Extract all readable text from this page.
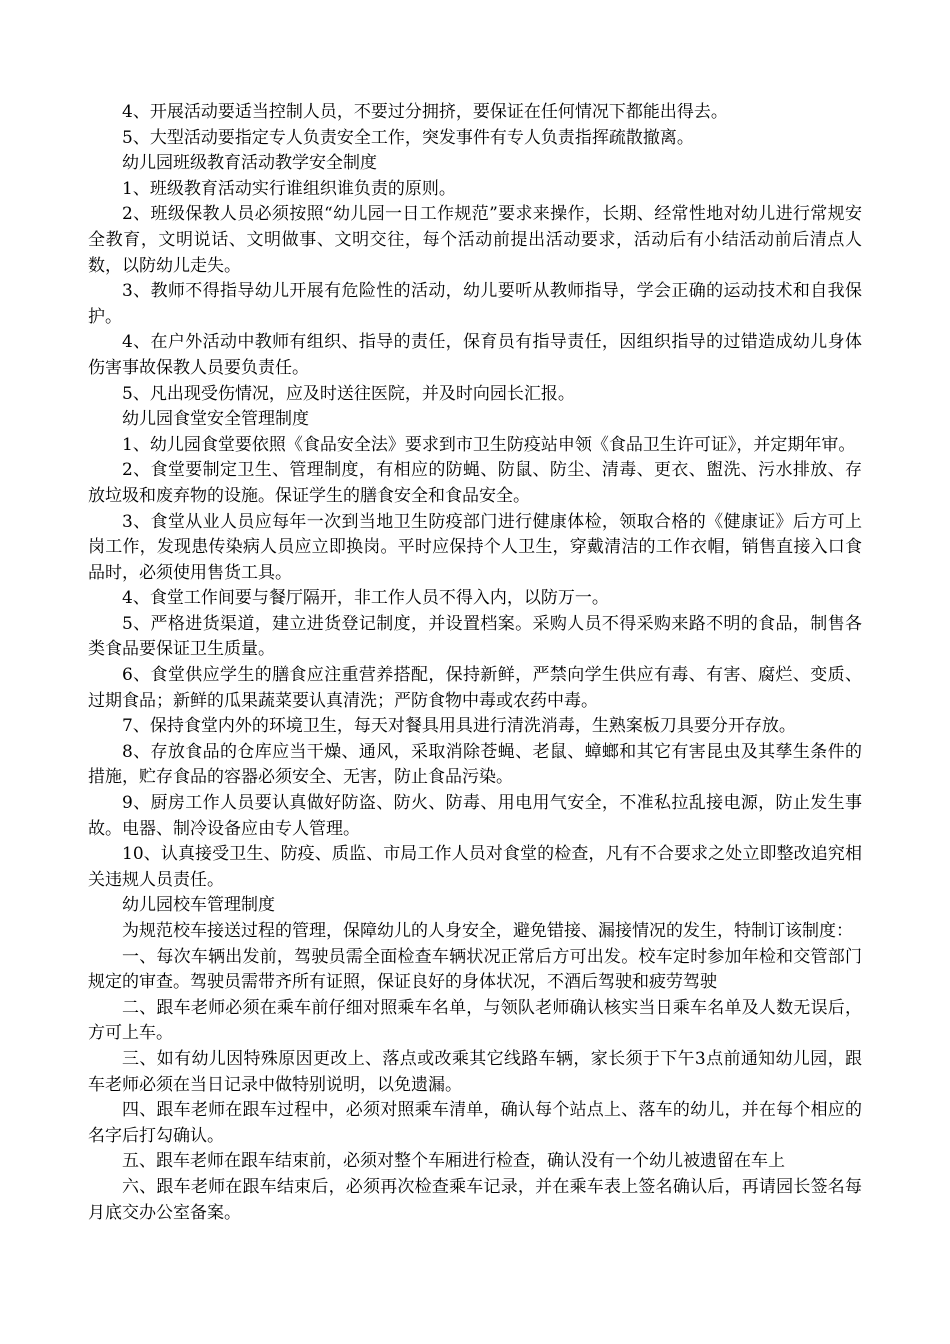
4、开展活动要适当控制人员，不要过分拥挤，要保证在任何情况下都能出得去。

5、大型活动要指定专人负责安全工作，突发事件有专人负责指挥疏散撤离。

幼儿园班级教育活动教学安全制度

1、班级教育活动实行谁组织谁负责的原则。

2、班级保教人员必须按照“幼儿园一日工作规范”要求来操作，长期、经常性地对幼儿进行常规安全教育，文明说话、文明做事、文明交往，每个活动前提出活动要求，活动后有小结活动前后清点人数，以防幼儿走失。

3、教师不得指导幼儿开展有危险性的活动，幼儿要听从教师指导，学会正确的运动技术和自我保护。

4、在户外活动中教师有组织、指导的责任，保育员有指导责任，因组织指导的过错造成幼儿身体伤害事故保教人员要负责任。

5、凡出现受伤情况，应及时送往医院，并及时向园长汇报。

幼儿园食堂安全管理制度

1、幼儿园食堂要依照《食品安全法》要求到市卫生防疫站申领《食品卫生许可证》，并定期年审。

2、食堂要制定卫生、管理制度，有相应的防蝇、防鼠、防尘、清毒、更衣、盥洗、污水排放、存放垃圾和废弃物的设施。保证学生的膳食安全和食品安全。

3、食堂从业人员应每年一次到当地卫生防疫部门进行健康体检，领取合格的《健康证》后方可上岗工作，发现患传染病人员应立即换岗。平时应保持个人卫生，穿戴清洁的工作衣帽，销售直接入口食品时，必须使用售货工具。

4、食堂工作间要与餐厅隔开，非工作人员不得入内，以防万一。

5、严格进货渠道，建立进货登记制度，并设置档案。采购人员不得采购来路不明的食品，制售各类食品要保证卫生质量。

6、食堂供应学生的膳食应注重营养搭配，保持新鲜，严禁向学生供应有毒、有害、腐烂、变质、过期食品；新鲜的瓜果蔬菜要认真清洗；严防食物中毒或农药中毒。

7、保持食堂内外的环境卫生，每天对餐具用具进行清洗消毒，生熟案板刀具要分开存放。

8、存放食品的仓库应当干燥、通风，采取消除苍蝇、老鼠、蟑螂和其它有害昆虫及其孳生条件的措施，贮存食品的容器必须安全、无害，防止食品污染。

9、厨房工作人员要认真做好防盗、防火、防毒、用电用气安全，不准私拉乱接电源，防止发生事故。电器、制冷设备应由专人管理。

10、认真接受卫生、防疫、质监、市局工作人员对食堂的检查，凡有不合要求之处立即整改追究相关违规人员责任。

幼儿园校车管理制度

为规范校车接送过程的管理，保障幼儿的人身安全，避免错接、漏接情况的发生，特制订该制度：

一、每次车辆出发前，驾驶员需全面检查车辆状况正常后方可出发。校车定时参加年检和交管部门规定的审查。驾驶员需带齐所有证照，保证良好的身体状况，不酒后驾驶和疲劳驾驶

二、跟车老师必须在乘车前仔细对照乘车名单，与领队老师确认核实当日乘车名单及人数无误后，方可上车。

三、如有幼儿因特殊原因更改上、落点或改乘其它线路车辆，家长须于下午3点前通知幼儿园，跟车老师必须在当日记录中做特别说明，以免遗漏。

四、跟车老师在跟车过程中，必须对照乘车清单，确认每个站点上、落车的幼儿，并在每个相应的名字后打勾确认。

五、跟车老师在跟车结束前，必须对整个车厢进行检查，确认没有一个幼儿被遗留在车上

六、跟车老师在跟车结束后，必须再次检查乘车记录，并在乘车表上签名确认后，再请园长签名每月底交办公室备案。
